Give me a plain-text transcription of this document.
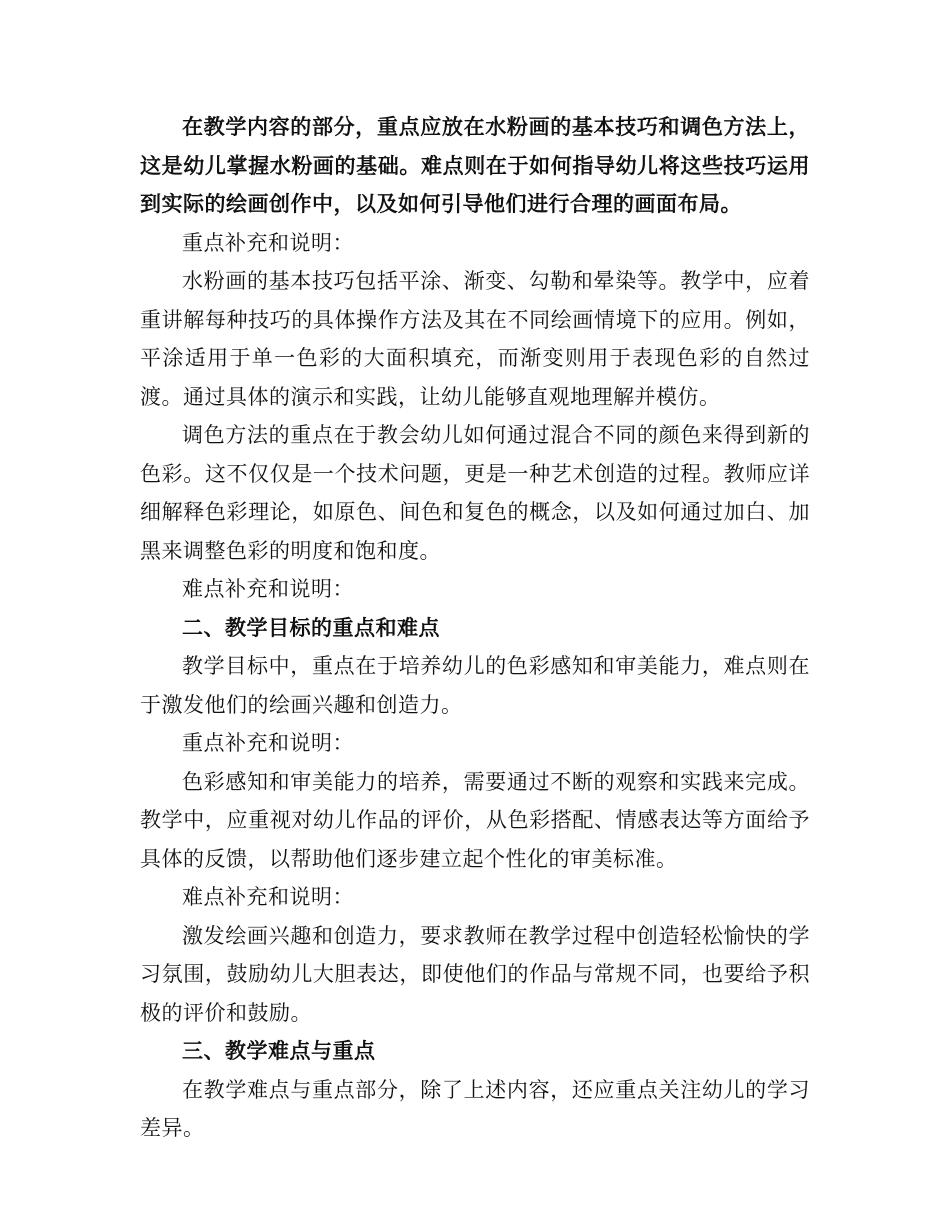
在教学内容的部分，重点应放在水粉画的基本技巧和调色方法上，这是幼儿掌握水粉画的基础。难点则在于如何指导幼儿将这些技巧运用到实际的绘画创作中，以及如何引导他们进行合理的画面布局。

重点补充和说明：

水粉画的基本技巧包括平涂、渐变、勾勒和晕染等。教学中，应着重讲解每种技巧的具体操作方法及其在不同绘画情境下的应用。例如，平涂适用于单一色彩的大面积填充，而渐变则用于表现色彩的自然过渡。通过具体的演示和实践，让幼儿能够直观地理解并模仿。

调色方法的重点在于教会幼儿如何通过混合不同的颜色来得到新的色彩。这不仅仅是一个技术问题，更是一种艺术创造的过程。教师应详细解释色彩理论，如原色、间色和复色的概念，以及如何通过加白、加黑来调整色彩的明度和饱和度。

难点补充和说明：

二、教学目标的重点和难点

教学目标中，重点在于培养幼儿的色彩感知和审美能力，难点则在于激发他们的绘画兴趣和创造力。

重点补充和说明：

色彩感知和审美能力的培养，需要通过不断的观察和实践来完成。教学中，应重视对幼儿作品的评价，从色彩搭配、情感表达等方面给予具体的反馈，以帮助他们逐步建立起个性化的审美标准。

难点补充和说明：

激发绘画兴趣和创造力，要求教师在教学过程中创造轻松愉快的学习氛围，鼓励幼儿大胆表达，即使他们的作品与常规不同，也要给予积极的评价和鼓励。

三、教学难点与重点

在教学难点与重点部分，除了上述内容，还应重点关注幼儿的学习差异。
